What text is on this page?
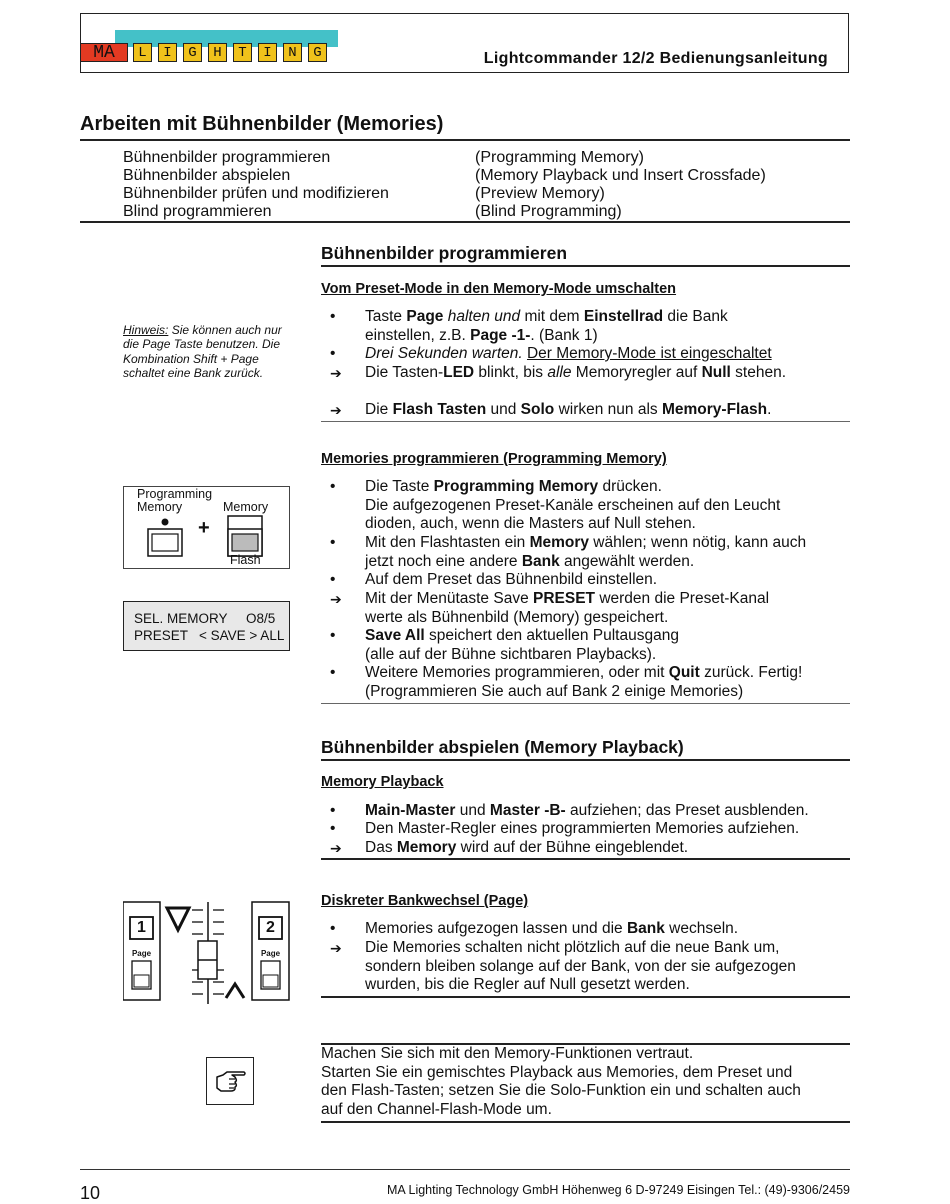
MA	L	I	G	H	T	I	N	G	Lightcommander 12/2 Bedienungsanleitung
Arbeiten mit Bühnenbilder (Memories)
Bühnenbilder programmieren	(Programming Memory)
Bühnenbilder abspielen	(Memory Playback und Insert Crossfade)
Bühnenbilder prüfen und modifizieren	(Preview Memory)
Blind programmieren	(Blind Programming)
Bühnenbilder programmieren
Vom Preset-Mode in den Memory-Mode umschalten
Hinweis: Sie können auch nur die Page Taste benutzen. Die Kombination Shift + Page schaltet eine Bank zurück.
•	Taste Page halten und mit dem Einstellrad die Bank
einstellen, z.B. Page -1-. (Bank 1)
•	Drei Sekunden warten. Der Memory-Mode ist eingeschaltet
➔	Die Tasten-LED blinkt, bis alle Memoryregler auf Null stehen.
➔	Die Flash Tasten und Solo wirken nun als Memory-Flash.
Memories programmieren (Programming Memory)
Programming
Memory	Memory
+
Flash
SEL. MEMORY     O8/5
PRESET   < SAVE > ALL
•	Die Taste Programming Memory drücken.
Die aufgezogenen Preset-Kanäle erscheinen auf den Leucht
dioden, auch, wenn die Masters auf Null stehen.
•	Mit den Flashtasten ein Memory wählen; wenn nötig, kann auch
jetzt noch eine andere Bank angewählt werden.
•	Auf dem Preset das Bühnenbild einstellen.
➔	Mit der Menütaste Save PRESET werden die Preset-Kanal
werte als Bühnenbild (Memory) gespeichert.
•	Save All speichert den aktuellen Pultausgang
(alle auf der Bühne sichtbaren Playbacks).
•	Weitere Memories programmieren, oder mit Quit zurück. Fertig!
(Programmieren Sie auch auf Bank 2 einige Memories)
Bühnenbilder abspielen (Memory Playback)
Memory Playback
•	Main-Master und Master -B- aufziehen; das Preset ausblenden.
•	Den Master-Regler eines programmierten Memories aufziehen.
➔	Das Memory wird auf der Bühne eingeblendet.
Diskreter Bankwechsel (Page)
1	2
Page	Page
•	Memories aufgezogen lassen und die Bank wechseln.
➔	Die Memories schalten nicht plötzlich auf die neue Bank um,
sondern bleiben solange auf der Bank, von der sie aufgezogen
wurden, bis die Regler auf Null gesetzt werden.
Machen Sie sich mit den Memory-Funktionen vertraut.
Starten Sie ein gemischtes Playback aus Memories, dem Preset und
den Flash-Tasten; setzen Sie die Solo-Funktion ein und schalten auch
auf den Channel-Flash-Mode um.
10	MA Lighting Technology GmbH Höhenweg 6 D-97249 Eisingen Tel.: (49)-9306/2459
